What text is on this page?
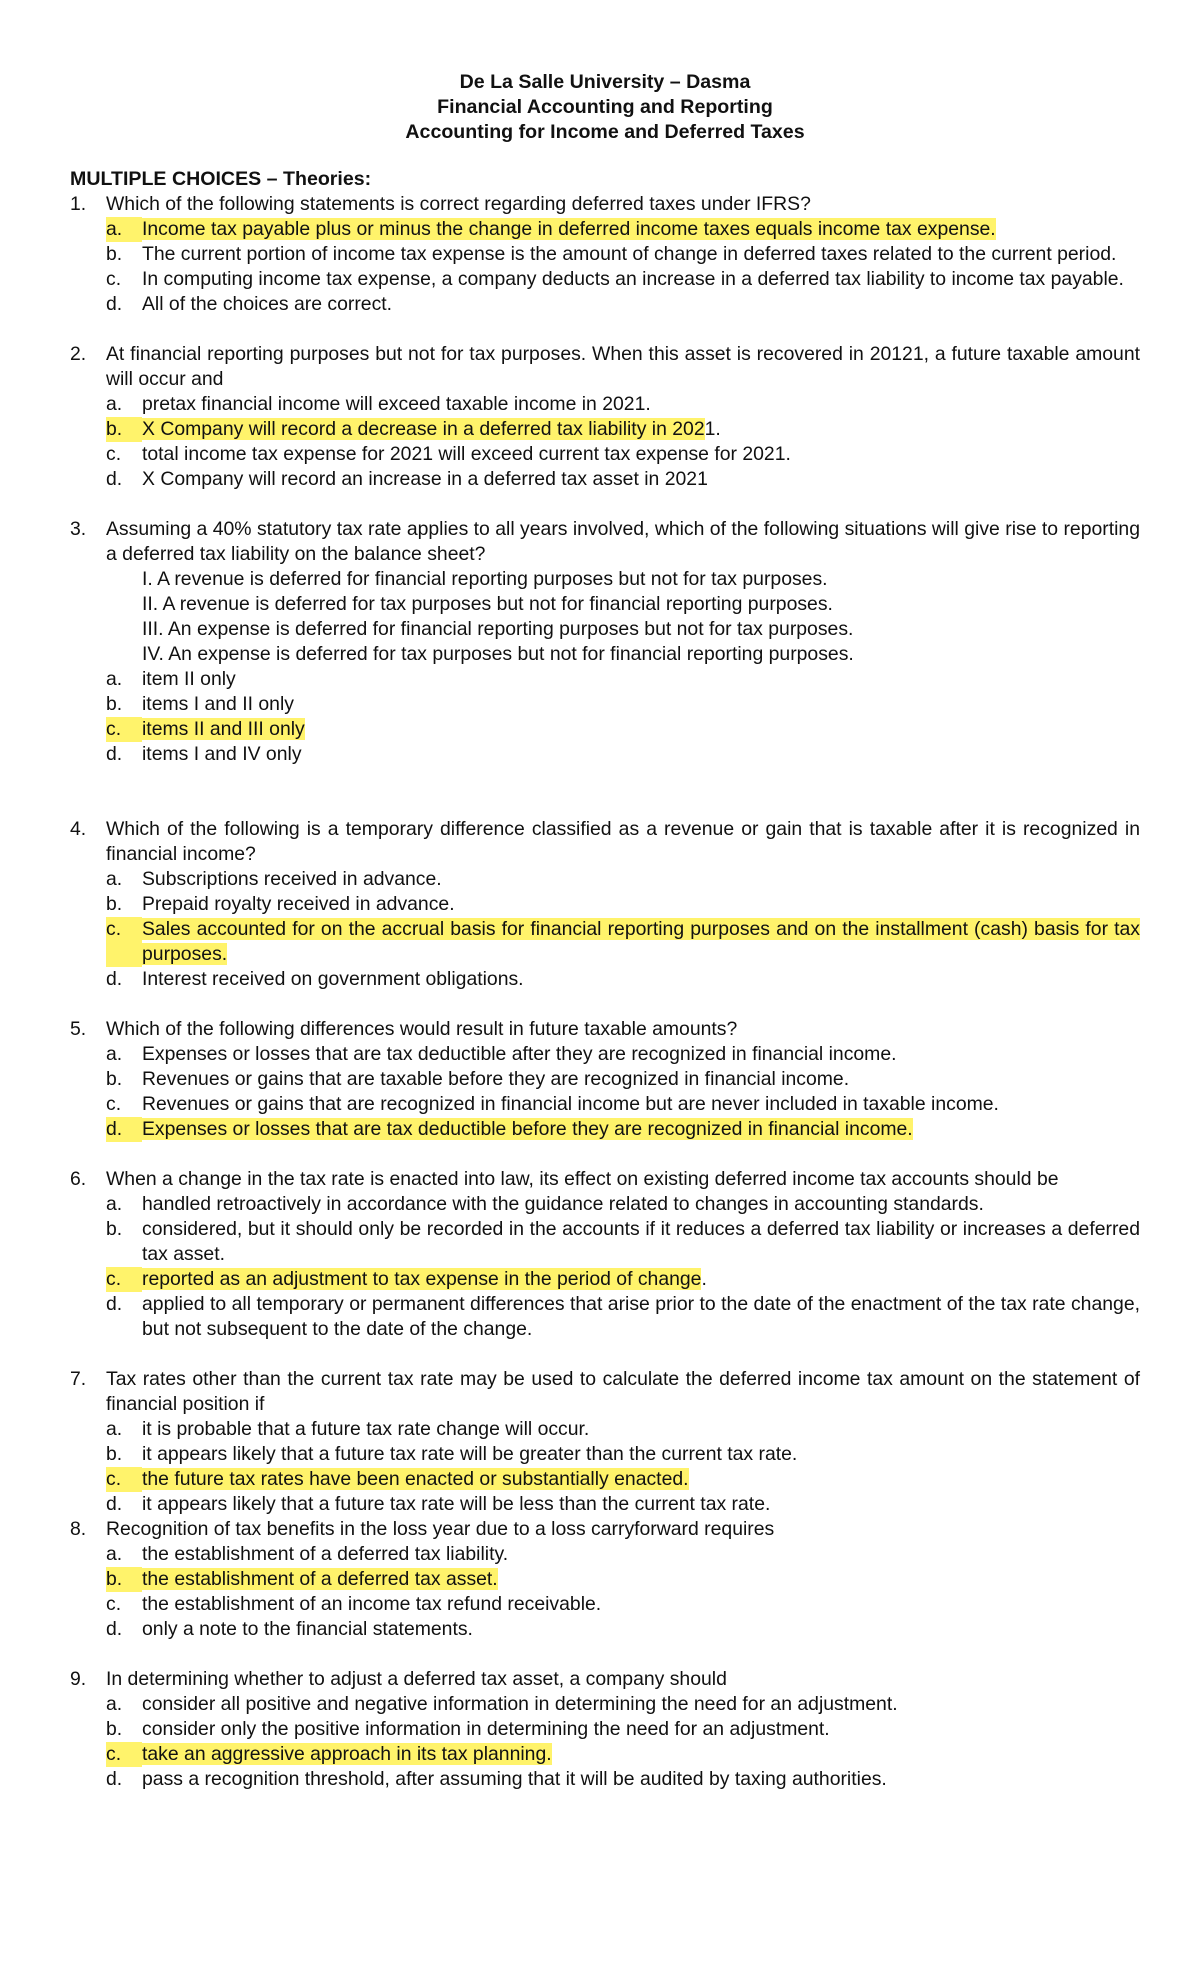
De La Salle University – Dasma
Financial Accounting and Reporting
Accounting for Income and Deferred Taxes
MULTIPLE CHOICES – Theories:
1.	Which of the following statements is correct regarding deferred taxes under IFRS?
a.	Income tax payable plus or minus the change in deferred income taxes equals income tax expense.
b.	The current portion of income tax expense is the amount of change in deferred taxes related to the current period.
c.	In computing income tax expense, a company deducts an increase in a deferred tax liability to income tax payable.
d.	All of the choices are correct.
2.	At financial reporting purposes but not for tax purposes. When this asset is recovered in 20121, a future taxable amount will occur and
a.	pretax financial income will exceed taxable income in 2021.
b.	X Company will record a decrease in a deferred tax liability in 2021.
c.	total income tax expense for 2021 will exceed current tax expense for 2021.
d.	X Company will record an increase in a deferred tax asset in 2021
3.	Assuming a 40% statutory tax rate applies to all years involved, which of the following situations will give rise to reporting a deferred tax liability on the balance sheet?
I. A revenue is deferred for financial reporting purposes but not for tax purposes.
II. A revenue is deferred for tax purposes but not for financial reporting purposes.
III. An expense is deferred for financial reporting purposes but not for tax purposes.
IV. An expense is deferred for tax purposes but not for financial reporting purposes.
a.	item II only
b.	items I and II only
c.	items II and III only
d.	items I and IV only
4.	Which of the following is a temporary difference classified as a revenue or gain that is taxable after it is recognized in financial income?
a.	Subscriptions received in advance.
b.	Prepaid royalty received in advance.
c.	Sales accounted for on the accrual basis for financial reporting purposes and on the installment (cash) basis for tax purposes.
d.	Interest received on government obligations.
5.	Which of the following differences would result in future taxable amounts?
a.	Expenses or losses that are tax deductible after they are recognized in financial income.
b.	Revenues or gains that are taxable before they are recognized in financial income.
c.	Revenues or gains that are recognized in financial income but are never included in taxable income.
d.	Expenses or losses that are tax deductible before they are recognized in financial income.
6.	When a change in the tax rate is enacted into law, its effect on existing deferred income tax accounts should be
a.	handled retroactively in accordance with the guidance related to changes in accounting standards.
b.	considered, but it should only be recorded in the accounts if it reduces a deferred tax liability or increases a deferred tax asset.
c.	reported as an adjustment to tax expense in the period of change.
d.	applied to all temporary or permanent differences that arise prior to the date of the enactment of the tax rate change, but not subsequent to the date of the change.
7.	Tax rates other than the current tax rate may be used to calculate the deferred income tax amount on the statement of financial position if
a.	it is probable that a future tax rate change will occur.
b.	it appears likely that a future tax rate will be greater than the current tax rate.
c.	the future tax rates have been enacted or substantially enacted.
d.	it appears likely that a future tax rate will be less than the current tax rate.
8.	Recognition of tax benefits in the loss year due to a loss carryforward requires
a.	the establishment of a deferred tax liability.
b.	the establishment of a deferred tax asset.
c.	the establishment of an income tax refund receivable.
d.	only a note to the financial statements.
9.	In determining whether to adjust a deferred tax asset, a company should
a.	consider all positive and negative information in determining the need for an adjustment.
b.	consider only the positive information in determining the need for an adjustment.
c.	take an aggressive approach in its tax planning.
d.	pass a recognition threshold, after assuming that it will be audited by taxing authorities.
